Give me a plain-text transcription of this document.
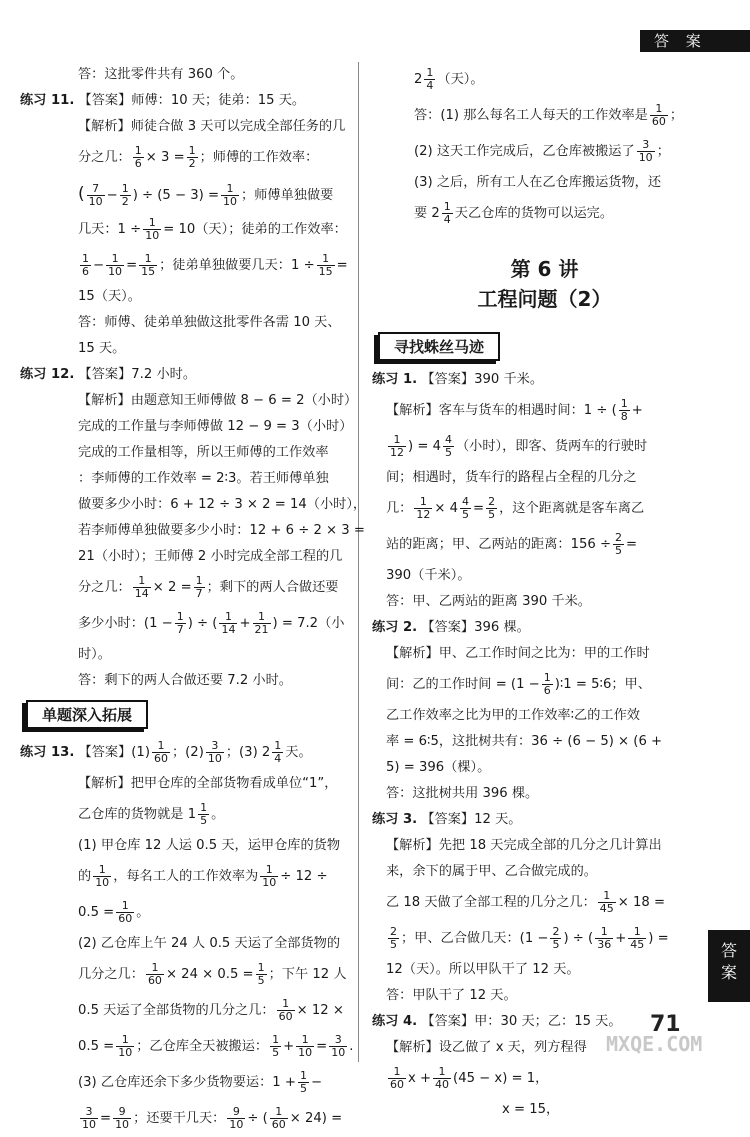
答 案
答：这批零件共有 360 个。
练习 11. 【答案】师傅：10 天；徒弟：15 天。
【解析】师徒合做 3 天可以完成全部任务的几
分之几： $\frac{1}{6} \times 3 = \frac{1}{2}$ ；师傅的工作效率：
( $\frac{7}{10} - \frac{1}{2}$ ) ÷ $(5 - 3) = \frac{1}{10}$ ；师傅单独做要
几天：$1 \div \frac{1}{10} = 10$（天）；徒弟的工作效率：
$\frac{1}{6} - \frac{1}{10} = \frac{1}{15}$ ；徒弟单独做要几天：$1 \div \frac{1}{15}$ =
15（天）。
答：师傅、徒弟单独做这批零件各需 10 天、
15 天。
练习 12. 【答案】7.2 小时。
【解析】由题意知王师傅做 8 − 6 = 2（小时）
完成的工作量与李师傅做 12 − 9 = 3（小时）
完成的工作量相等，所以王师傅的工作效率
：李师傅的工作效率 = 2∶3。若王师傅单独
做要多少小时：6 + 12 ÷ 3 × 2 = 14（小时），
若李师傅单独做要多少小时：12 + 6 ÷ 2 × 3 =
21（小时）；王师傅 2 小时完成全部工程的几
分之几： $\frac{1}{14} \times 2 = \frac{1}{7}$ ；剩下的两人合做还要
多少小时：($1 - \frac{1}{7}$ ) ÷ ( $\frac{1}{14} + \frac{1}{21}$ ) = 7.2（小
时）。
答：剩下的两人合做还要 7.2 小时。
单题深入拓展
练习 13. 【答案】$(1) \frac{1}{60}$ ；$(2) \frac{3}{10}$ ；(3) $2 \frac{1}{4}$ 天。
【解析】把甲仓库的全部货物看成单位“1”，
乙仓库的货物就是 $1 \frac{1}{5}$ 。
(1) 甲仓库 12 人运 0.5 天，运甲仓库的货物
的 $\frac{1}{10}$ ，每名工人的工作效率为 $\frac{1}{10} \div 12$ ÷
$0.5 = \frac{1}{60}$ 。
(2) 乙仓库上午 24 人 0.5 天运了全部货物的
几分之几： $\frac{1}{60} \times 24 \times 0.5 = \frac{1}{5}$ ；下午 12 人
0.5 天运了全部货物的几分之几： $\frac{1}{60} \times 12$ ×
$0.5 = \frac{1}{10}$ ；乙仓库全天被搬运： $\frac{1}{5} + \frac{1}{10} = \frac{3}{10}$ .
(3) 乙仓库还余下多少货物要运：$1 + \frac{1}{5}$ −
$\frac{3}{10} = \frac{9}{10}$ ；还要干几天： $\frac{9}{10}$ ÷ ( $\frac{1}{60} \times 24$) =
$2 \frac{1}{4}$ （天）。
答：(1) 那么每名工人每天的工作效率是 $\frac{1}{60}$ ；
(2) 这天工作完成后，乙仓库被搬运了 $\frac{3}{10}$ ；
(3) 之后，所有工人在乙仓库搬运货物，还
要 $2 \frac{1}{4}$ 天乙仓库的货物可以运完。
第 6 讲
工程问题（2）
寻找蛛丝马迹
练习 1. 【答案】390 千米。
【解析】客车与货车的相遇时间：1 ÷ ( $\frac{1}{8}$ +
$\frac{1}{12}$ ) = $4 \frac{4}{5}$ （小时），即客、货两车的行驶时
间；相遇时，货车行的路程占全程的几分之
几： $\frac{1}{12} \times 4 \frac{4}{5} = \frac{2}{5}$ ，这个距离就是客车离乙
站的距离；甲、乙两站的距离：$156 \div \frac{2}{5}$ =
390（千米）。
答：甲、乙两站的距离 390 千米。
练习 2. 【答案】396 棵。
【解析】甲、乙工作时间之比为：甲的工作时
间：乙的工作时间 = ($1 - \frac{1}{6}$ )∶1 = 5∶6；甲、
乙工作效率之比为甲的工作效率∶乙的工作效
率 = 6∶5，这批树共有：36 ÷ (6 − 5) × (6 +
5) = 396（棵）。
答：这批树共用 396 棵。
练习 3. 【答案】12 天。
【解析】先把 18 天完成全部的几分之几计算出
来，余下的属于甲、乙合做完成的。
乙 18 天做了全部工程的几分之几： $\frac{1}{45} \times 18$ =
$\frac{2}{5}$ ；甲、乙合做几天：($1 - \frac{2}{5}$ ) ÷ ( $\frac{1}{36} + \frac{1}{45}$ ) =
12（天）。所以甲队干了 12 天。
答：甲队干了 12 天。
练习 4. 【答案】甲：30 天；乙：15 天。
【解析】设乙做了 x 天，列方程得
$\frac{1}{60}$ $x + \frac{1}{40} (45 - x) = 1$，
x = 15，
答
案
71
MXQE.COM
